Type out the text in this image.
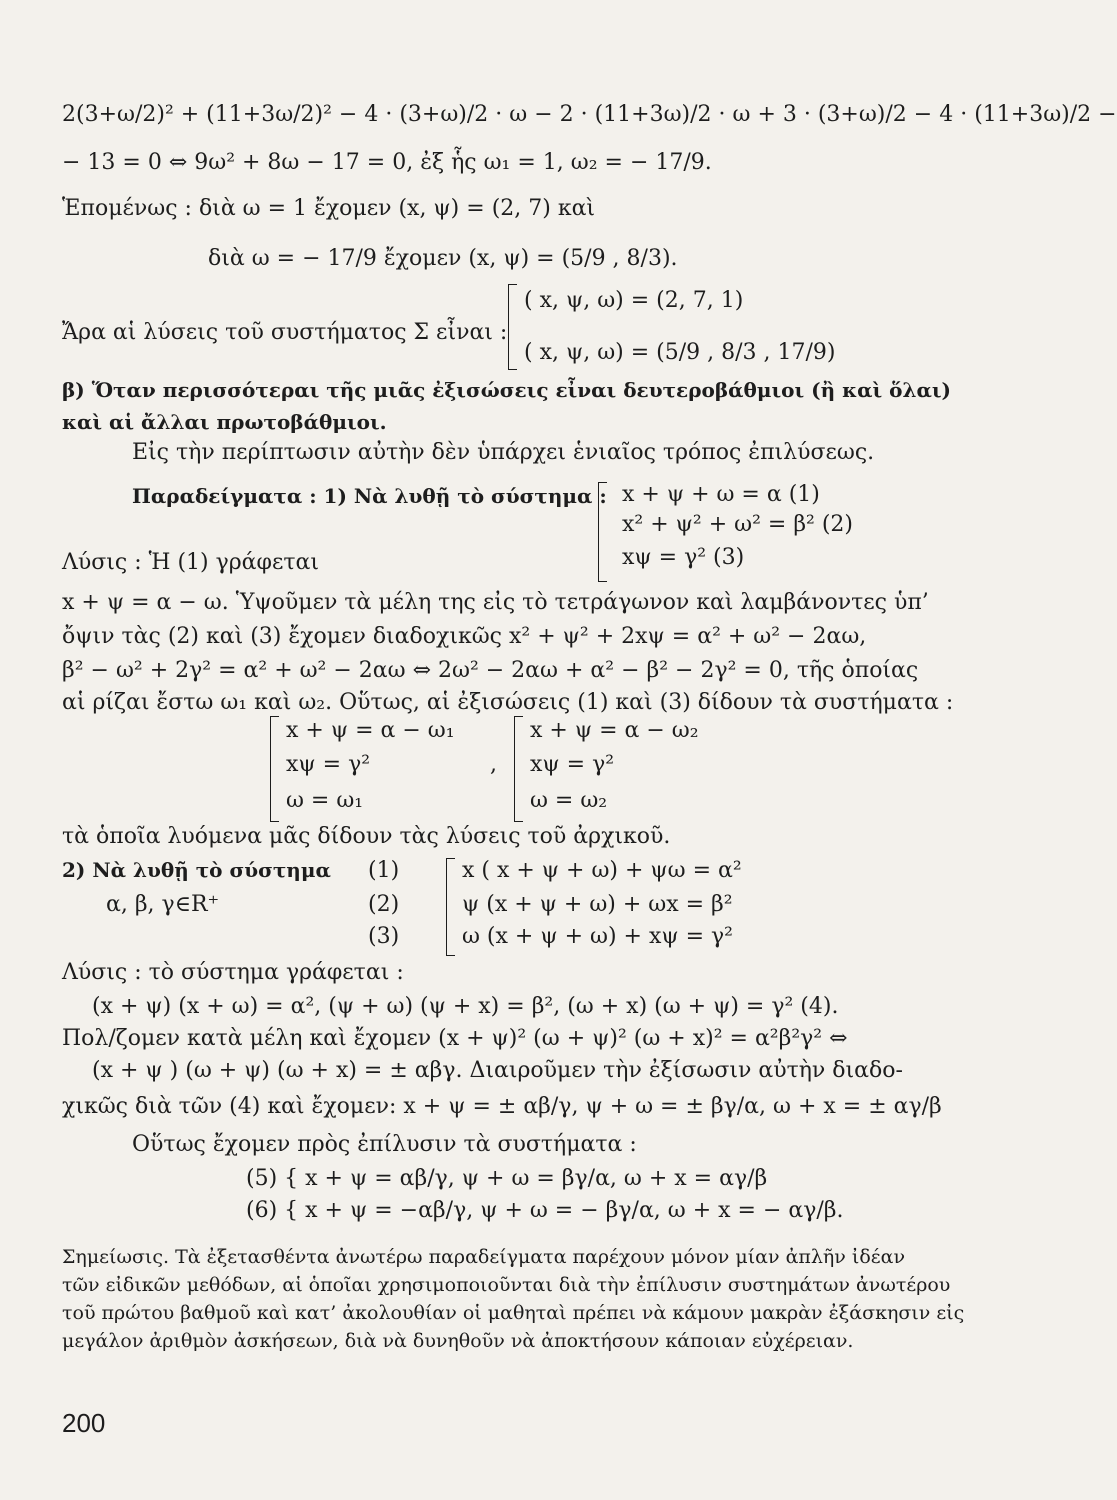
2(3+ω/2)² + (11+3ω/2)² − 4 · (3+ω)/2 · ω − 2 · (11+3ω)/2 · ω + 3 · (3+ω)/2 − 4 · (11+3ω)/2 −
− 13 = 0 ⇔ 9ω² + 8ω − 17 = 0, ἐξ ἧς ω₁ = 1, ω₂ = − 17/9.
Ἑπομένως : διὰ ω = 1 ἔχομεν (x, ψ) = (2, 7) καὶ
διὰ ω = − 17/9 ἔχομεν (x, ψ) = (5/9 , 8/3).
( x, ψ, ω) = (2, 7, 1)
Ἄρα αἱ λύσεις τοῦ συστήματος Σ εἶναι :
( x, ψ, ω) = (5/9 , 8/3 , 17/9)
β) Ὅταν περισσότεραι τῆς μιᾶς ἐξισώσεις εἶναι δευτεροβάθμιοι (ἢ καὶ ὅλαι)
καὶ αἱ ἄλλαι πρωτοβάθμιοι.
Εἰς τὴν περίπτωσιν αὐτὴν δὲν ὑπάρχει ἑνιαῖος τρόπος ἐπιλύσεως.
Παραδείγματα : 1) Νὰ λυθῇ τὸ σύστημα : x + ψ + ω = α (1)
x² + ψ² + ω² = β² (2)
Λύσις : Ἡ (1) γράφεται	xψ = γ² (3)
x + ψ = α − ω. Ὑψοῦμεν τὰ μέλη της εἰς τὸ τετράγωνον καὶ λαμβάνοντες ὑπ’
ὄψιν τὰς (2) καὶ (3) ἔχομεν διαδοχικῶς x² + ψ² + 2xψ = α² + ω² − 2αω,
β² − ω² + 2γ² = α² + ω² − 2αω ⇔ 2ω² − 2αω + α² − β² − 2γ² = 0, τῆς ὁποίας
αἱ ρίζαι ἔστω ω₁ καὶ ω₂. Οὕτως, αἱ ἐξισώσεις (1) καὶ (3) δίδουν τὰ συστήματα :
x + ψ = α − ω₁	x + ψ = α − ω₂
xψ = γ²	, xψ = γ²
ω = ω₁	ω = ω₂
τὰ ὁποῖα λυόμενα μᾶς δίδουν τὰς λύσεις τοῦ ἀρχικοῦ.
2) Νὰ λυθῇ τὸ σύστημα (1)	x ( x + ψ + ω) + ψω = α²
α, β, γ∈R⁺	(2)	ψ (x + ψ + ω) + ωx = β²
(3)	ω (x + ψ + ω) + xψ = γ²
Λύσις : τὸ σύστημα γράφεται :
(x + ψ) (x + ω) = α², (ψ + ω) (ψ + x) = β², (ω + x) (ω + ψ) = γ² (4).
Πολ/ζομεν κατὰ μέλη καὶ ἔχομεν (x + ψ)² (ω + ψ)² (ω + x)² = α²β²γ² ⇔
(x + ψ ) (ω + ψ) (ω + x) = ± αβγ. Διαιροῦμεν τὴν ἐξίσωσιν αὐτὴν διαδο-
χικῶς διὰ τῶν (4) καὶ ἔχομεν: x + ψ = ± αβ/γ, ψ + ω = ± βγ/α, ω + x = ± αγ/β
Οὕτως ἔχομεν πρὸς ἐπίλυσιν τὰ συστήματα :
(5) { x + ψ = αβ/γ, ψ + ω = βγ/α, ω + x = αγ/β
(6) { x + ψ = −αβ/γ, ψ + ω = − βγ/α, ω + x = − αγ/β.
Σημείωσις. Τὰ ἐξετασθέντα ἀνωτέρω παραδείγματα παρέχουν μόνον μίαν ἀπλῆν ἰδέαν
τῶν εἰδικῶν μεθόδων, αἱ ὁποῖαι χρησιμοποιοῦνται διὰ τὴν ἐπίλυσιν συστημάτων ἀνωτέρου
τοῦ πρώτου βαθμοῦ καὶ κατ’ ἀκολουθίαν οἱ μαθηταὶ πρέπει νὰ κάμουν μακρὰν ἐξάσκησιν εἰς
μεγάλον ἀριθμὸν ἀσκήσεων, διὰ νὰ δυνηθοῦν νὰ ἀποκτήσουν κάποιαν εὐχέρειαν.
200
